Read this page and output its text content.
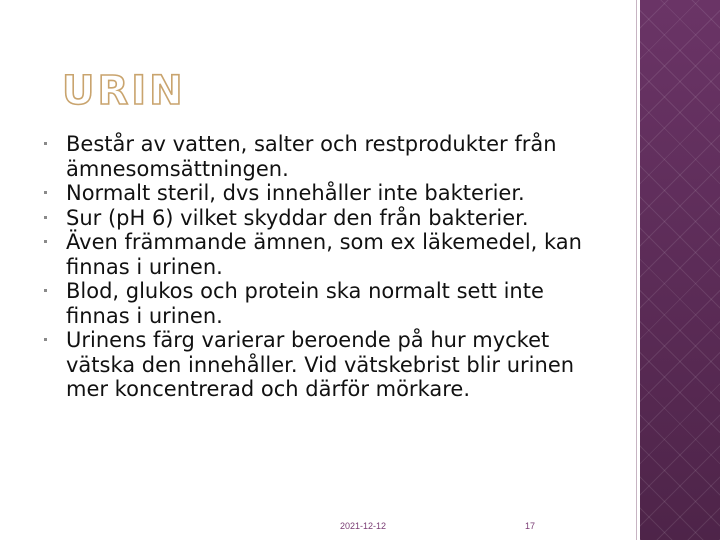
URIN
Består av vatten, salter och restprodukter från ämnesomsättningen.
Normalt steril, dvs innehåller inte bakterier.
Sur (pH 6) vilket skyddar den från bakterier.
Även främmande ämnen, som ex läkemedel, kan finnas i urinen.
Blod, glukos och protein ska normalt sett inte finnas i urinen.
Urinens färg varierar beroende på hur mycket vätska den innehåller. Vid vätskebrist blir urinen mer koncentrerad och därför mörkare.
2021-12-12	17
